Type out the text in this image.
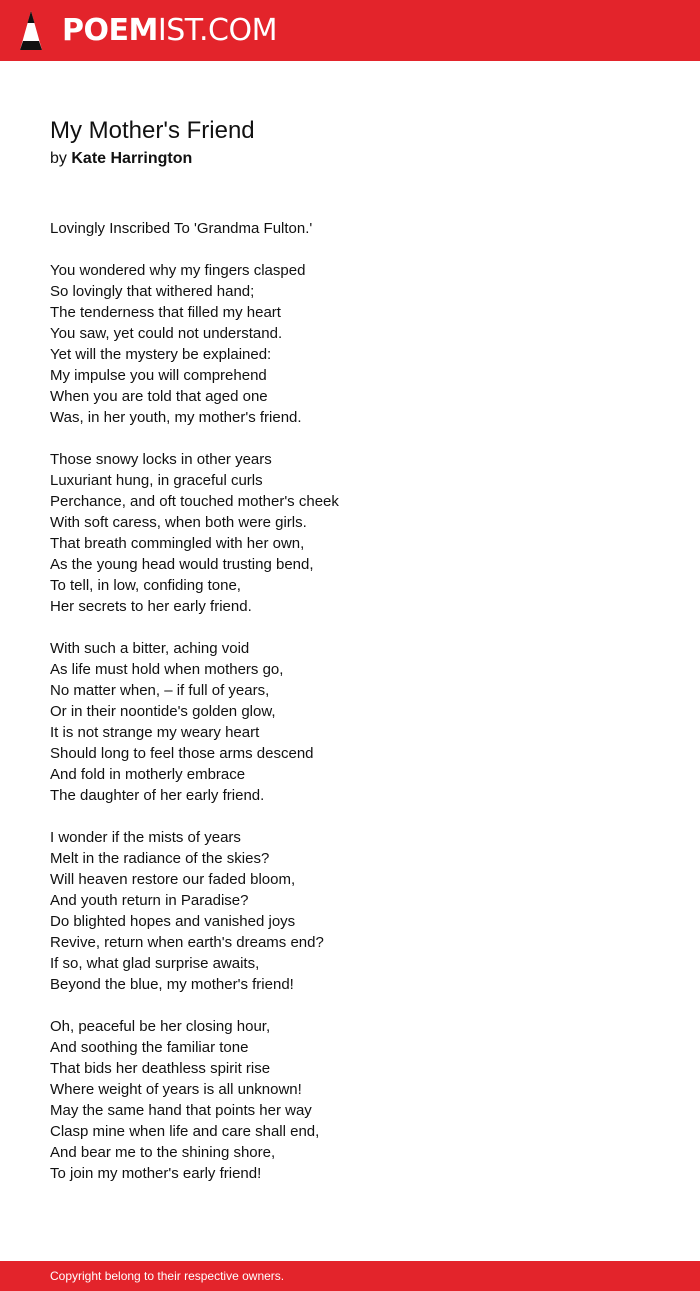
POEM IST.COM
My Mother's Friend
by Kate Harrington
Lovingly Inscribed To 'Grandma Fulton.'
You wondered why my fingers clasped
So lovingly that withered hand;
The tenderness that filled my heart
You saw, yet could not understand.
Yet will the mystery be explained:
My impulse you will comprehend
When you are told that aged one
Was, in her youth, my mother's friend.
Those snowy locks in other years
Luxuriant hung, in graceful curls
Perchance, and oft touched mother's cheek
With soft caress, when both were girls.
That breath commingled with her own,
As the young head would trusting bend,
To tell, in low, confiding tone,
Her secrets to her early friend.
With such a bitter, aching void
As life must hold when mothers go,
No matter when, – if full of years,
Or in their noontide's golden glow,
It is not strange my weary heart
Should long to feel those arms descend
And fold in motherly embrace
The daughter of her early friend.
I wonder if the mists of years
Melt in the radiance of the skies?
Will heaven restore our faded bloom,
And youth return in Paradise?
Do blighted hopes and vanished joys
Revive, return when earth's dreams end?
If so, what glad surprise awaits,
Beyond the blue, my mother's friend!
Oh, peaceful be her closing hour,
And soothing the familiar tone
That bids her deathless spirit rise
Where weight of years is all unknown!
May the same hand that points her way
Clasp mine when life and care shall end,
And bear me to the shining shore,
To join my mother's early friend!
Copyright belong to their respective owners.
